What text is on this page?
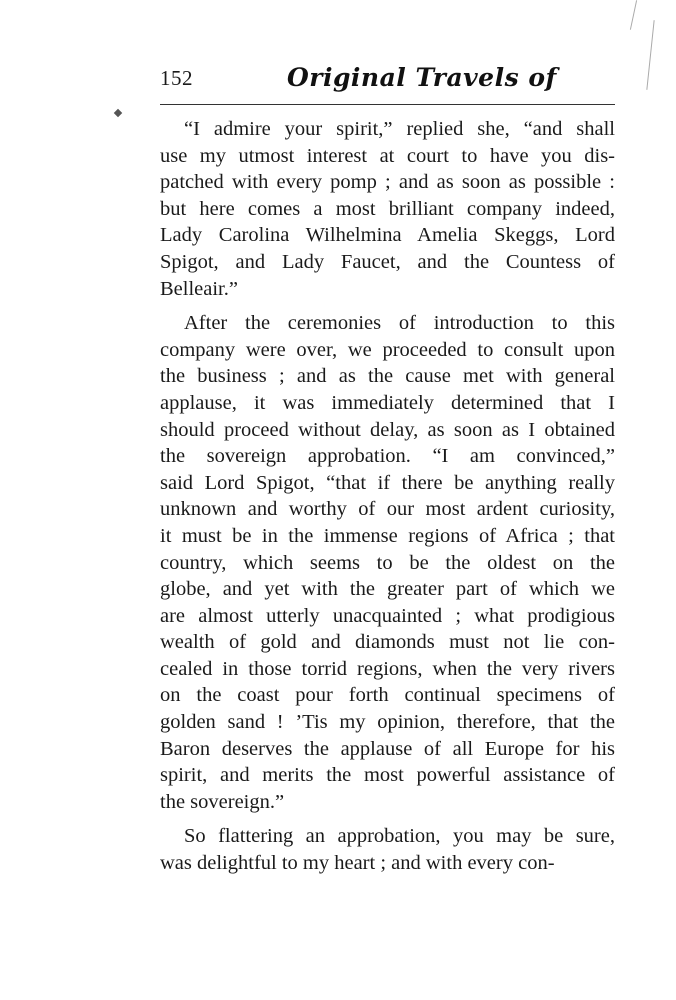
152	Original Travels of
“I admire your spirit,” replied she, “and shall
use my utmost interest at court to have you dis-
patched with every pomp ; and as soon as possible :
but here comes a most brilliant company indeed,
Lady Carolina Wilhelmina Amelia Skeggs, Lord
Spigot, and Lady Faucet, and the Countess of
Belleair.”
After the ceremonies of introduction to this
company were over, we proceeded to consult upon
the business ; and as the cause met with general
applause, it was immediately determined that I
should proceed without delay, as soon as I obtained
the sovereign approbation. “I am convinced,”
said Lord Spigot, “that if there be anything really
unknown and worthy of our most ardent curiosity,
it must be in the immense regions of Africa ; that
country, which seems to be the oldest on the
globe, and yet with the greater part of which we
are almost utterly unacquainted ; what prodigious
wealth of gold and diamonds must not lie con-
cealed in those torrid regions, when the very rivers
on the coast pour forth continual specimens of
golden sand ! ’Tis my opinion, therefore, that the
Baron deserves the applause of all Europe for his
spirit, and merits the most powerful assistance of
the sovereign.”
So flattering an approbation, you may be sure,
was delightful to my heart ; and with every con-
